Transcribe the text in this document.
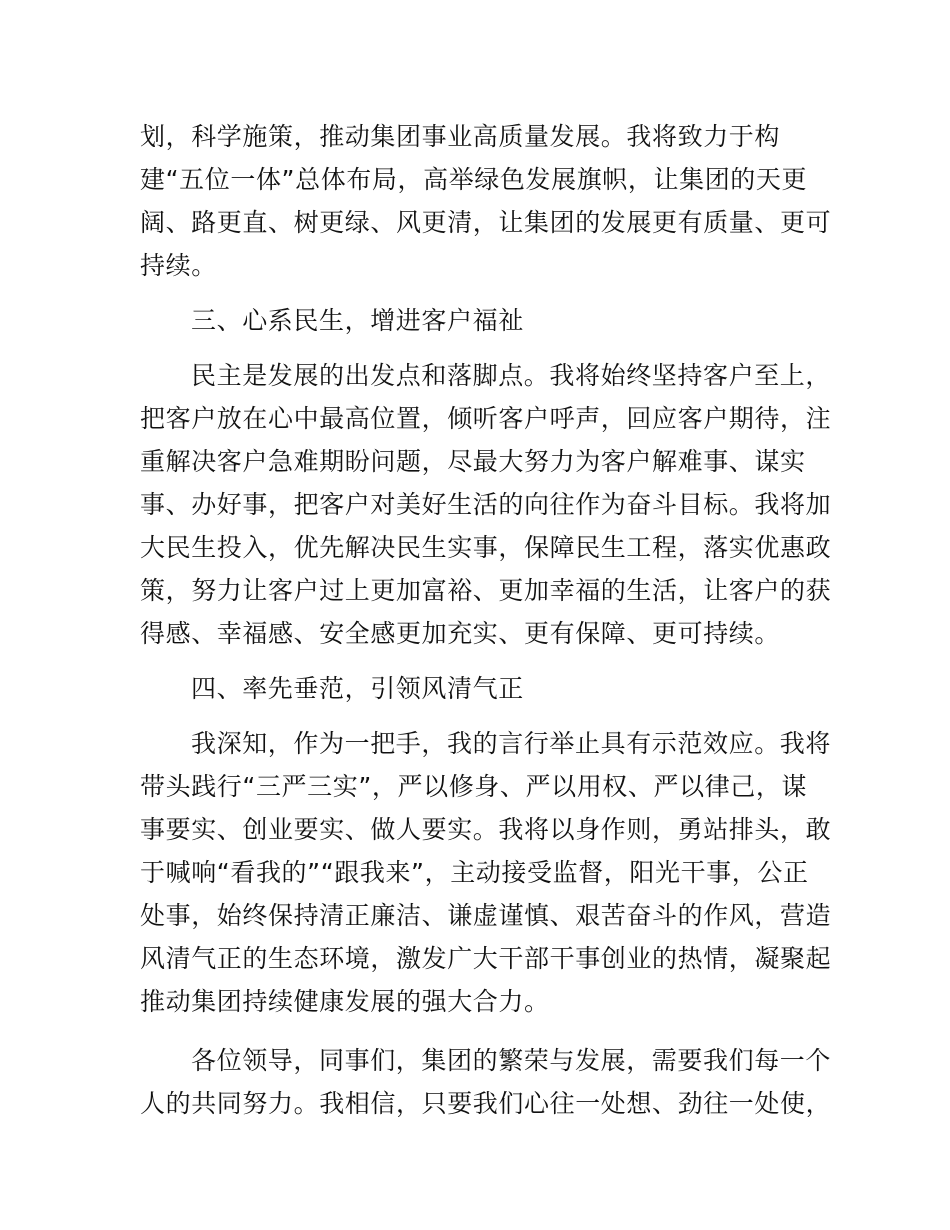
划，科学施策，推动集团事业高质量发展。我将致力于构
建“五位一体”总体布局，高举绿色发展旗帜，让集团的天更
阔、路更直、树更绿、风更清，让集团的发展更有质量、更可
持续。
三、心系民生，增进客户福祉
民主是发展的出发点和落脚点。我将始终坚持客户至上，
把客户放在心中最高位置，倾听客户呼声，回应客户期待，注
重解决客户急难期盼问题，尽最大努力为客户解难事、谋实
事、办好事，把客户对美好生活的向往作为奋斗目标。我将加
大民生投入，优先解决民生实事，保障民生工程，落实优惠政
策，努力让客户过上更加富裕、更加幸福的生活，让客户的获
得感、幸福感、安全感更加充实、更有保障、更可持续。
四、率先垂范，引领风清气正
我深知，作为一把手，我的言行举止具有示范效应。我将
带头践行“三严三实”，严以修身、严以用权、严以律己，谋
事要实、创业要实、做人要实。我将以身作则，勇站排头，敢
于喊响“看我的”“跟我来”，主动接受监督，阳光干事，公正
处事，始终保持清正廉洁、谦虚谨慎、艰苦奋斗的作风，营造
风清气正的生态环境，激发广大干部干事创业的热情，凝聚起
推动集团持续健康发展的强大合力。
各位领导，同事们，集团的繁荣与发展，需要我们每一个
人的共同努力。我相信，只要我们心往一处想、劲往一处使，
